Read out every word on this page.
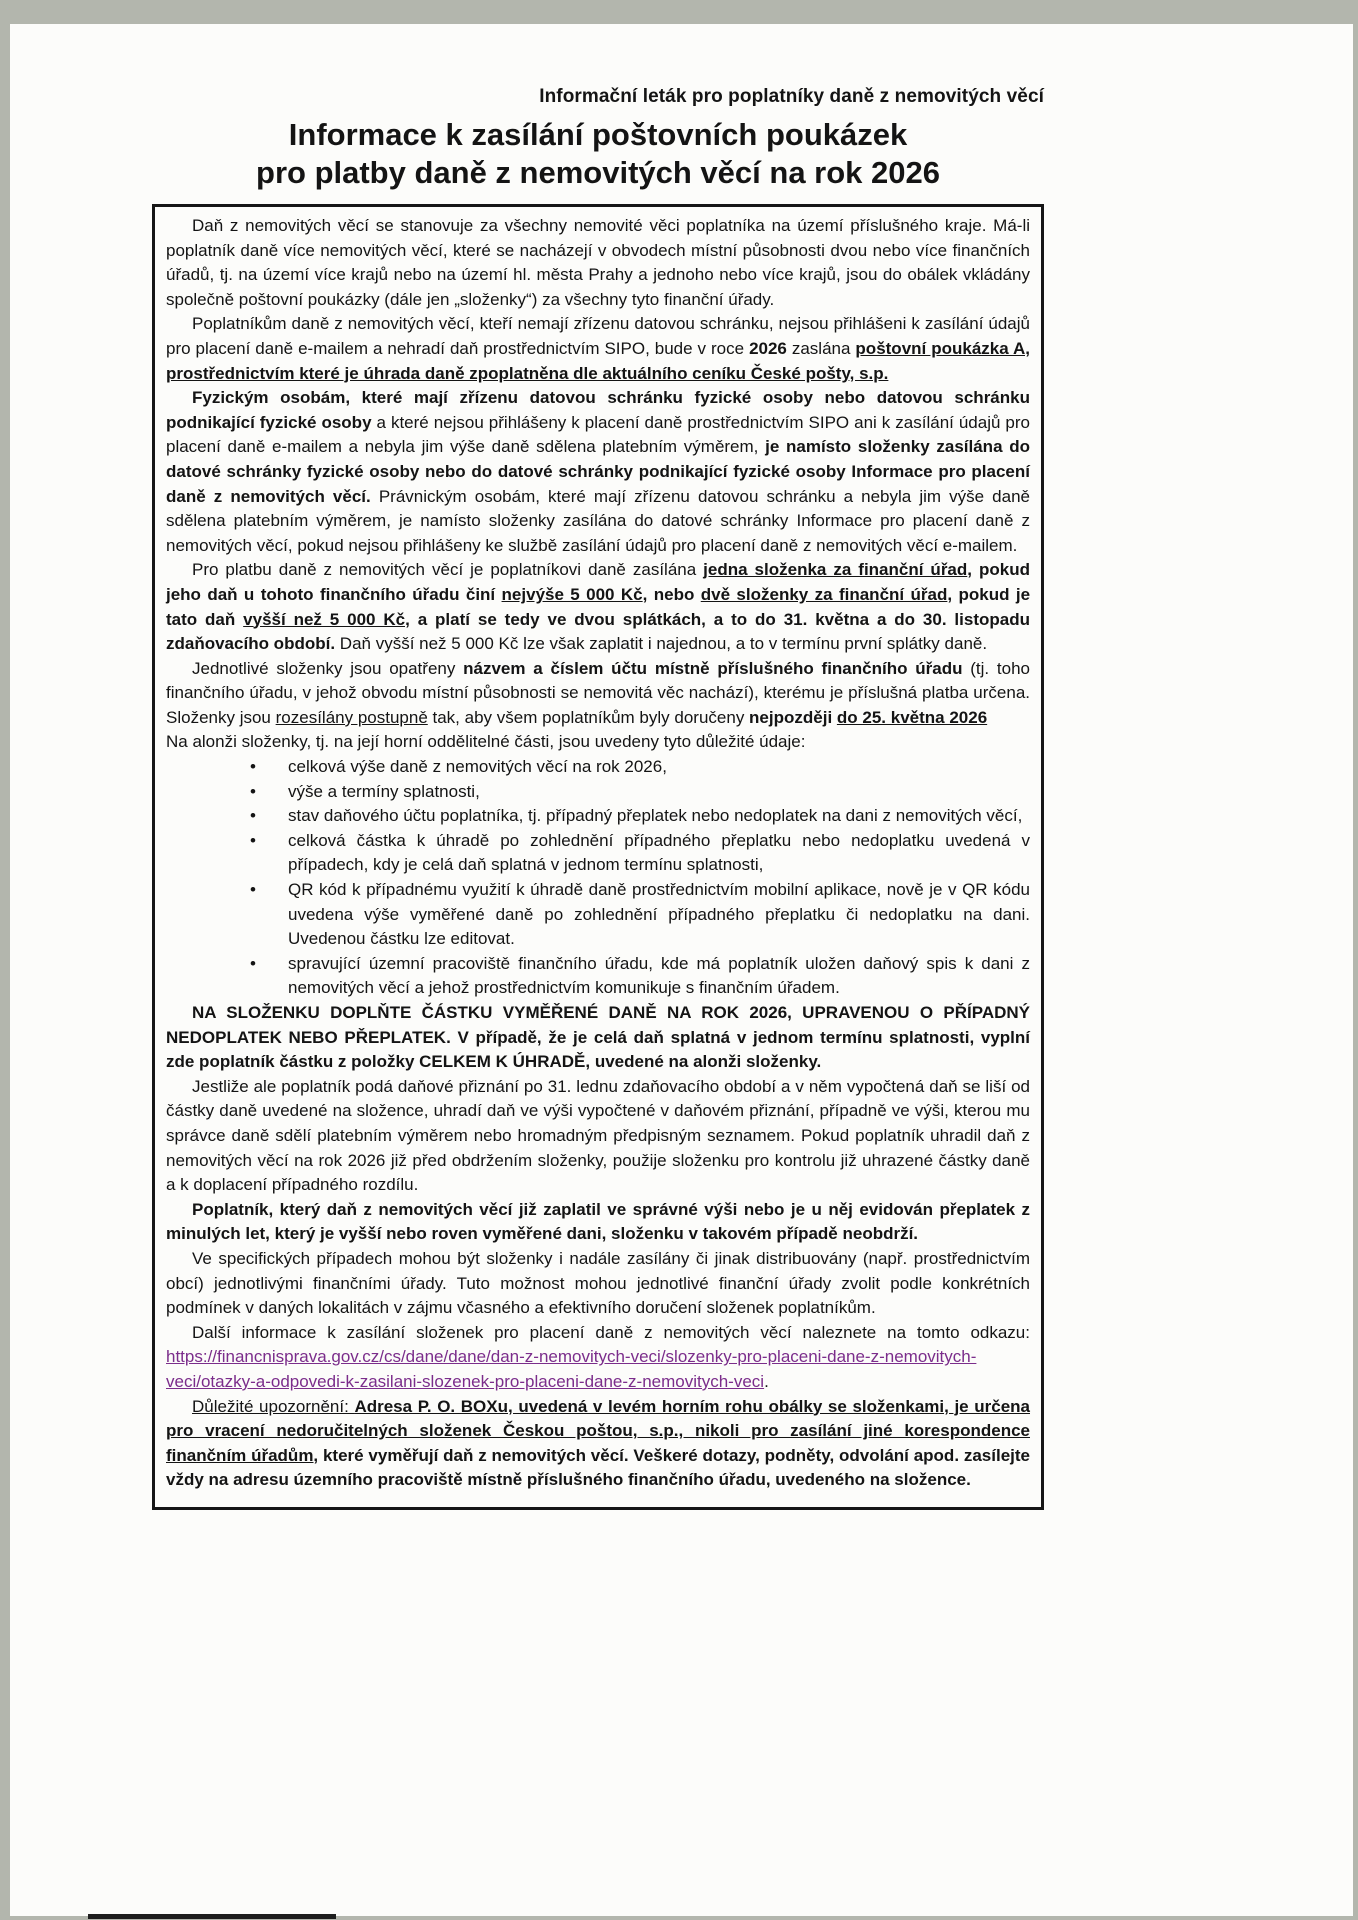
Informační leták pro poplatníky daně z nemovitých věcí
Informace k zasílání poštovních poukázek
pro platby daně z nemovitých věcí na rok 2026

Daň z nemovitých věcí se stanovuje za všechny nemovité věci poplatníka na území příslušného kraje. Má-li poplatník daně více nemovitých věcí, které se nacházejí v obvodech místní působnosti dvou nebo více finančních úřadů, tj. na území více krajů nebo na území hl. města Prahy a jednoho nebo více krajů, jsou do obálek vkládány společně poštovní poukázky (dále jen „složenky“) za všechny tyto finanční úřady.

Poplatníkům daně z nemovitých věcí, kteří nemají zřízenu datovou schránku, nejsou přihlášeni k zasílání údajů pro placení daně e-mailem a nehradí daň prostřednictvím SIPO, bude v roce 2026 zaslána poštovní poukázka A, prostřednictvím které je úhrada daně zpoplatněna dle aktuálního ceníku České pošty, s.p.

Fyzickým osobám, které mají zřízenu datovou schránku fyzické osoby nebo datovou schránku podnikající fyzické osoby a které nejsou přihlášeny k placení daně prostřednictvím SIPO ani k zasílání údajů pro placení daně e-mailem a nebyla jim výše daně sdělena platebním výměrem, je namísto složenky zasílána do datové schránky fyzické osoby nebo do datové schránky podnikající fyzické osoby Informace pro placení daně z nemovitých věcí. Právnickým osobám, které mají zřízenu datovou schránku a nebyla jim výše daně sdělena platebním výměrem, je namísto složenky zasílána do datové schránky Informace pro placení daně z nemovitých věcí, pokud nejsou přihlášeny ke službě zasílání údajů pro placení daně z nemovitých věcí e-mailem.

Pro platbu daně z nemovitých věcí je poplatníkovi daně zasílána jedna složenka za finanční úřad, pokud jeho daň u tohoto finančního úřadu činí nejvýše 5 000 Kč, nebo dvě složenky za finanční úřad, pokud je tato daň vyšší než 5 000 Kč, a platí se tedy ve dvou splátkách, a to do 31. května a do 30. listopadu zdaňovacího období. Daň vyšší než 5 000 Kč lze však zaplatit i najednou, a to v termínu první splátky daně.

Jednotlivé složenky jsou opatřeny názvem a číslem účtu místně příslušného finančního úřadu (tj. toho finančního úřadu, v jehož obvodu místní působnosti se nemovitá věc nachází), kterému je příslušná platba určena. Složenky jsou rozesílány postupně tak, aby všem poplatníkům byly doručeny nejpozději do 25. května 2026

Na alonži složenky, tj. na její horní oddělitelné části, jsou uvedeny tyto důležité údaje:

• celková výše daně z nemovitých věcí na rok 2026,
• výše a termíny splatnosti,
• stav daňového účtu poplatníka, tj. případný přeplatek nebo nedoplatek na dani z nemovitých věcí,
• celková částka k úhradě po zohlednění případného přeplatku nebo nedoplatku uvedená v případech, kdy je celá daň splatná v jednom termínu splatnosti,
• QR kód k případnému využití k úhradě daně prostřednictvím mobilní aplikace, nově je v QR kódu uvedena výše vyměřené daně po zohlednění případného přeplatku či nedoplatku na dani. Uvedenou částku lze editovat.
• spravující územní pracoviště finančního úřadu, kde má poplatník uložen daňový spis k dani z nemovitých věcí a jehož prostřednictvím komunikuje s finančním úřadem.

NA SLOŽENKU DOPLŇTE ČÁSTKU VYMĚŘENÉ DANĚ NA ROK 2026, UPRAVENOU O PŘÍPADNÝ NEDOPLATEK NEBO PŘEPLATEK. V případě, že je celá daň splatná v jednom termínu splatnosti, vyplní zde poplatník částku z položky CELKEM K ÚHRADĚ, uvedené na alonži složenky.

Jestliže ale poplatník podá daňové přiznání po 31. lednu zdaňovacího období a v něm vypočtená daň se liší od částky daně uvedené na složence, uhradí daň ve výši vypočtené v daňovém přiznání, případně ve výši, kterou mu správce daně sdělí platebním výměrem nebo hromadným předpisným seznamem. Pokud poplatník uhradil daň z nemovitých věcí na rok 2026 již před obdržením složenky, použije složenku pro kontrolu již uhrazené částky daně a k doplacení případného rozdílu.

Poplatník, který daň z nemovitých věcí již zaplatil ve správné výši nebo je u něj evidován přeplatek z minulých let, který je vyšší nebo roven vyměřené dani, složenku v takovém případě neobdrží.

Ve specifických případech mohou být složenky i nadále zasílány či jinak distribuovány (např. prostřednictvím obcí) jednotlivými finančními úřady. Tuto možnost mohou jednotlivé finanční úřady zvolit podle konkrétních podmínek v daných lokalitách v zájmu včasného a efektivního doručení složenek poplatníkům.

Další informace k zasílání složenek pro placení daně z nemovitých věcí naleznete na tomto odkazu: https://financnisprava.gov.cz/cs/dane/dane/dan-z-nemovitych-veci/slozenky-pro-placeni-dane-z-nemovitych-veci/otazky-a-odpovedi-k-zasilani-slozenek-pro-placeni-dane-z-nemovitych-veci.

Důležité upozornění: Adresa P. O. BOXu, uvedená v levém horním rohu obálky se složenkami, je určena pro vracení nedoručitelných složenek Českou poštou, s.p., nikoli pro zasílání jiné korespondence finančním úřadům, které vyměřují daň z nemovitých věcí. Veškeré dotazy, podněty, odvolání apod. zasílejte vždy na adresu územního pracoviště místně příslušného finančního úřadu, uvedeného na složence.
